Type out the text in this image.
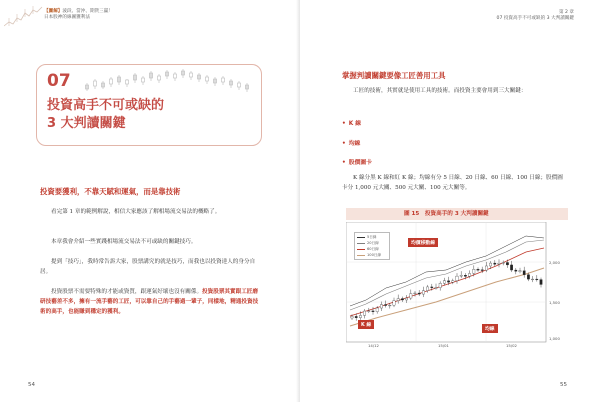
【圖解】波段、當沖、期貨三贏！
日本股神的線圖獲利法
07
投資高手不可或缺的
3 大判讀關鍵
投資要獲利，不靠天賦和運氣，而是靠技術
看完第 1 章的範例解說，相信大家應該了解相場流交易法的概略了。
本章我會介紹一些實踐相場流交易法不可或缺的關鍵技巧。
提到「技巧」，我時常告訴大家，股票講究的就是技巧，而我也以投資達人的身分自居。
投資股票不需要特殊的才能或資質，跟運氣好壞也沒有關係。投資股票其實跟工匠磨研技藝差不多，擁有一流手藝的工匠，可以靠自己的手藝過一輩子，同樣地，精通投資技術的高手，也能賺到穩定的獲利。
54
第 2 章
07 投資高手不可或缺的 3 大判讀關鍵
掌握判讀關鍵要像工匠善用工具
工匠的技術，其實就是使用工具的技術。而投資主要會用到三大關鍵：
• K 線
• 均線
• 股價圖卡
K 線分黑 K 線和紅 K 線；均線有分 5 日線、20 日線、60 日線、100 日線；股價圖卡分 1,000 元大關、500 元大關、100 元大關等。
圖 15　投資高手的 3 大判讀關鍵
5日線
20日線
60日線
100日線
均價移動線
K 線
均線
2,000
1,500
1,000
14/12	15/01	15/02
55
